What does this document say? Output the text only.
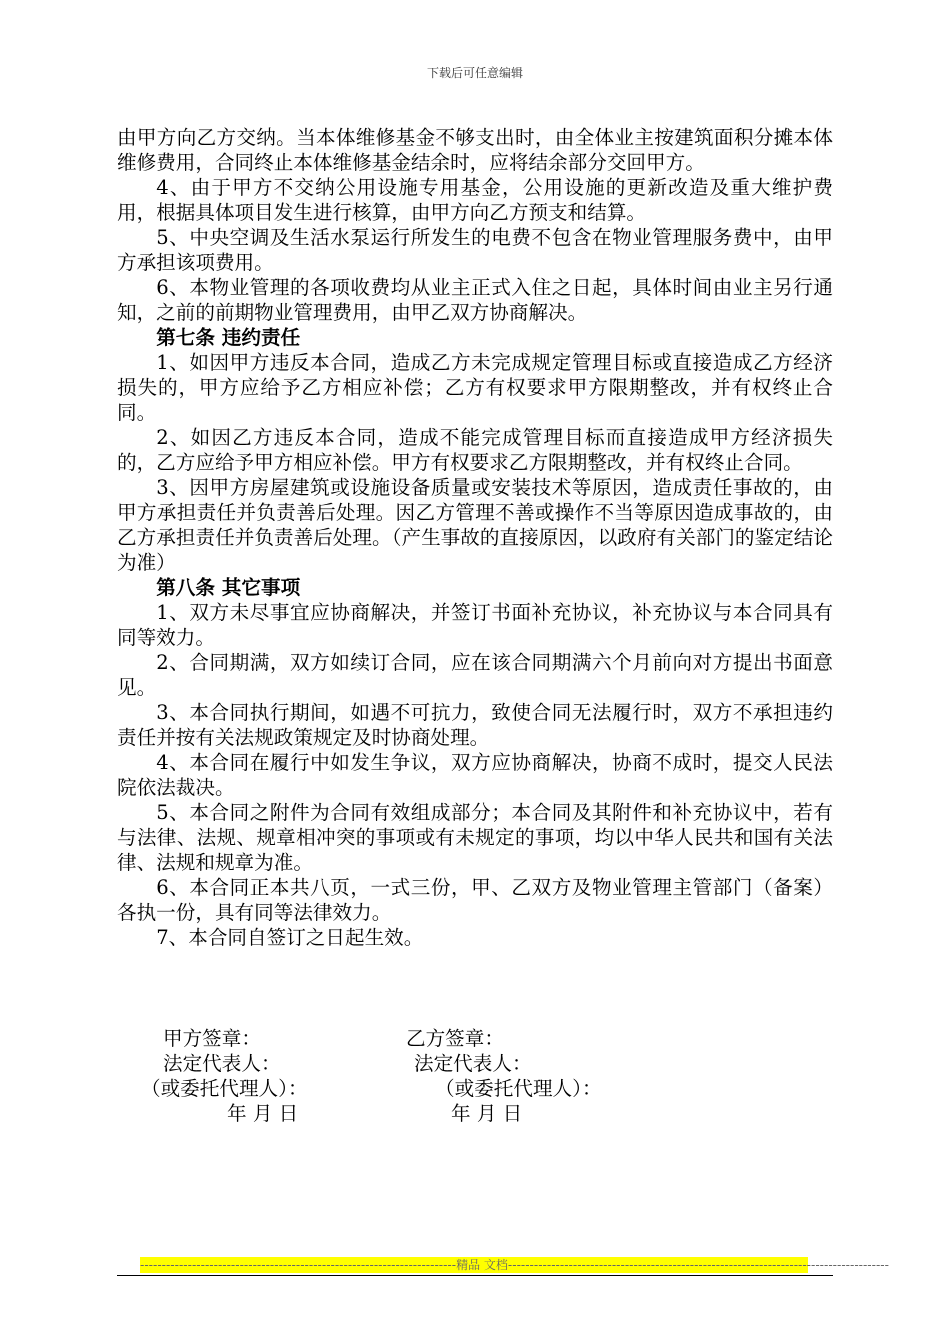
下载后可任意编辑

由甲方向乙方交纳。当本体维修基金不够支出时，由全体业主按建筑面积分摊本体维修费用，合同终止本体维修基金结余时，应将结余部分交回甲方。

4、由于甲方不交纳公用设施专用基金，公用设施的更新改造及重大维护费用，根据具体项目发生进行核算，由甲方向乙方预支和结算。

5、中央空调及生活水泵运行所发生的电费不包含在物业管理服务费中，由甲方承担该项费用。

6、本物业管理的各项收费均从业主正式入住之日起，具体时间由业主另行通知，之前的前期物业管理费用，由甲乙双方协商解决。

第七条 违约责任

1、如因甲方违反本合同，造成乙方未完成规定管理目标或直接造成乙方经济损失的，甲方应给予乙方相应补偿；乙方有权要求甲方限期整改，并有权终止合同。

2、如因乙方违反本合同，造成不能完成管理目标而直接造成甲方经济损失的，乙方应给予甲方相应补偿。甲方有权要求乙方限期整改，并有权终止合同。

3、因甲方房屋建筑或设施设备质量或安装技术等原因，造成责任事故的，由甲方承担责任并负责善后处理。因乙方管理不善或操作不当等原因造成事故的，由乙方承担责任并负责善后处理。（产生事故的直接原因，以政府有关部门的鉴定结论为准）

第八条 其它事项

1、双方未尽事宜应协商解决，并签订书面补充协议，补充协议与本合同具有同等效力。

2、合同期满，双方如续订合同，应在该合同期满六个月前向对方提出书面意见。

3、本合同执行期间，如遇不可抗力，致使合同无法履行时，双方不承担违约责任并按有关法规政策规定及时协商处理。

4、本合同在履行中如发生争议，双方应协商解决，协商不成时，提交人民法院依法裁决。

5、本合同之附件为合同有效组成部分；本合同及其附件和补充协议中，若有与法律、法规、规章相冲突的事项或有未规定的事项，均以中华人民共和国有关法律、法规和规章为准。

6、本合同正本共八页，一式三份，甲、乙双方及物业管理主管部门（备案）各执一份，具有同等法律效力。

7、本合同自签订之日起生效。

甲方签章：	乙方签章：
法定代表人：	法定代表人：
（或委托代理人）：	（或委托代理人）：
年 月 日	年 月 日
-------------------------------------------------------------------------精品 文档----------------------------------------------------------------------------------------
